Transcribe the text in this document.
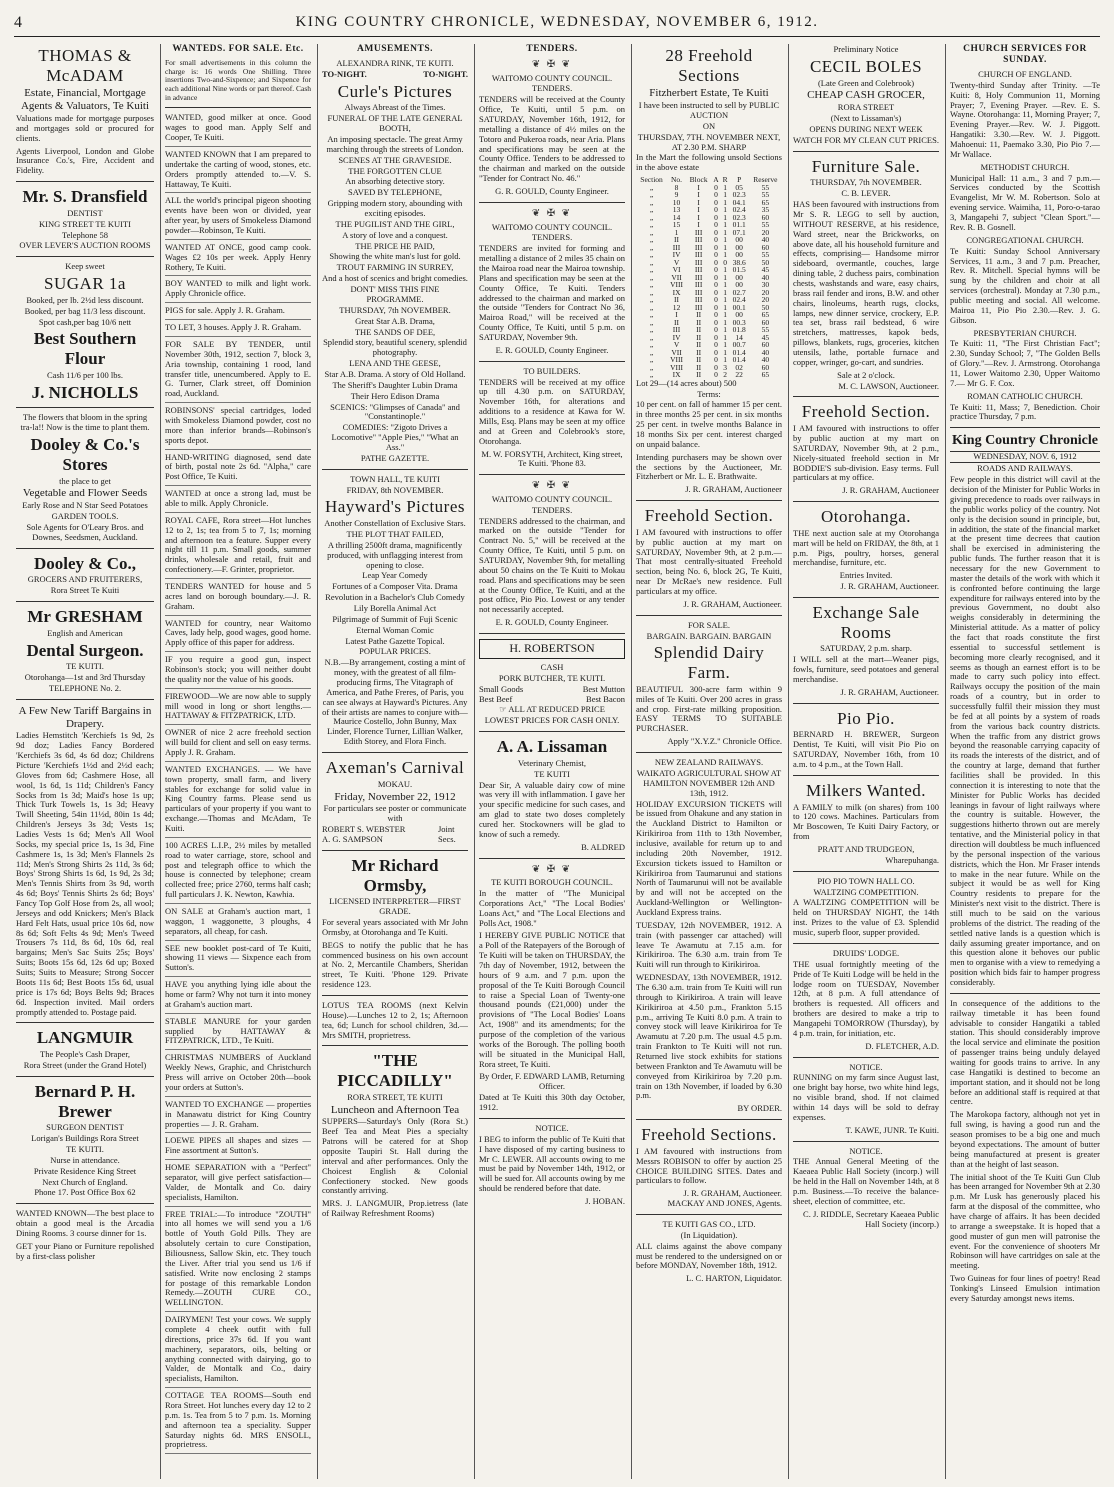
4	KING COUNTRY CHRONICLE, WEDNESDAY, NOVEMBER 6, 1912.
THOMAS & McADAM
Estate, Financial, Mortgage Agents & Valuators, Te Kuiti

Valuations made for mortgage purposes and mortgages sold or procured for clients.

Agents Liverpool, London and Globe Insurance Co.'s, Fire, Accident and Fidelity.

Mr. S. Dransfield
DENTIST
KING STREET TE KUITI
Telephone 58
OVER LEVER'S AUCTION ROOMS
Keep sweet
SUGAR 1a
Booked, per lb. 2½d less discount.
Booked, per bag 11/3 less discount.
Spot cash,per bag 10/6 nett
Best Southern Flour
Cash 11/6 per 100 lbs.
J. NICHOLLS
The flowers that bloom in the spring tra-la!! Now is the time to plant them.
Dooley & Co.'s Stores
the place to get
Vegetable and Flower Seeds
Early Rose and N Star Seed Potatoes
GARDEN TOOLS.
Sole Agents for O'Leary Bros. and Downes, Seedsmen, Auckland.
Dooley & Co.,
GROCERS AND FRUITERERS,
Rora Street Te Kuiti
Mr GRESHAM
English and American
Dental Surgeon.
TE KUITI.
Otorohanga—1st and 3rd Thursday
TELEPHONE No. 2.
A Few New Tariff Bargains in Drapery.

Ladies Hemstitch 'Kerchiefs 1s 9d, 2s 9d doz; Ladies Fancy Bordered 'Kerchiefs 3s 6d, 4s 6d doz; Childrens Picture 'Kerchiefs 1½d and 2½d each; Gloves from 6d; Cashmere Hose, all wool, 1s 6d, 1s 11d; Children's Fancy Socks from 1s 3d; Maid's hose 1s up; Thick Turk Towels 1s, 1s 3d; Heavy Twill Sheeting, 54in 11½d, 80in 1s 4d; Children's Jerseys 3s 3d; Vests 1s; Ladies Vests 1s 6d; Men's All Wool Socks, my special price 1s, 1s 3d, Fine Cashmere 1s, 1s 3d; Men's Flannels 2s 11d; Men's Strong Shirts 2s 11d, 3s 6d; Boys' Strong Shirts 1s 6d, 1s 9d, 2s 3d; Men's Tennis Shirts from 3s 9d, worth 4s 6d; Boys' Tennis Shirts 2s 6d; Boys' Fancy Top Golf Hose from 2s, all wool; Jerseys and odd Knickers; Men's Black Hard Felt Hats, usual price 10s 6d, now 8s 6d; Soft Felts 4s 9d; Men's Tweed Trousers 7s 11d, 8s 6d, 10s 6d, real bargains; Men's Sac Suits 25s; Boys' Suits; Boots 15s 6d, 12s 6d up; Boxed Suits; Suits to Measure; Strong Soccer Boots 11s 6d; Best Boots 15s 6d, usual price is 17s 6d; Boys Belts 9d; Braces 6d. Inspection invited. Mail orders promptly attended to. Postage paid.

LANGMUIR
The People's Cash Draper,
Rora Street (under the Grand Hotel)
Bernard P. H. Brewer
SURGEON DENTIST
Lorigan's Buildings Rora Street
TE KUITI.
Nurse in attendance.
Private Residence King Street
Next Church of England.
Phone 17. Post Office Box 62

WANTED KNOWN—The best place to obtain a good meal is the Arcadia Dining Rooms. 3 course dinner for 1s.

GET your Piano or Furniture repolished by a first-class polisher

WANTEDS. FOR SALE. Etc.

For small advertisements in this column the charge is: 16 words One Shilling. Three insertions Two-and-Sixpence; and Sixpence for each additional Nine words or part thereof. Cash in advance

WANTED, good milker at once. Good wages to good man. Apply Self and Cooper, Te Kuiti.

WANTED KNOWN that I am prepared to undertake the carting of wood, stones, etc. Orders promptly attended to.—V. S. Hattaway, Te Kuiti.

ALL the world's principal pigeon shooting events have been won or divided, year after year, by users of Smokeless Diamond powder—Robinson, Te Kuiti.

WANTED AT ONCE, good camp cook. Wages £2 10s per week. Apply Henry Rothery, Te Kuiti.

BOY WANTED to milk and light work. Apply Chronicle office.

PIGS for sale. Apply J. R. Graham.

TO LET, 3 houses. Apply J. R. Graham.

FOR SALE BY TENDER, until November 30th, 1912, section 7, block 3, Aria township, containing 1 rood, land transfer title, unencumbered. Apply to E. G. Turner, Clark street, off Dominion road, Auckland.

ROBINSONS' special cartridges, loded with Smokeless Diamond powder, cost no more than inferior brands—Robinson's sports depot.

HAND-WRITING diagnosed, send date of birth, postal note 2s 6d. "Alpha," care Post Office, Te Kuiti.

WANTED at once a strong lad, must be able to milk. Apply Chronicle.

ROYAL CAFE, Rora street—Hot lunches 12 to 2, 1s; tea from 5 to 7, 1s; morning and afternoon tea a feature. Supper every night till 11 p.m. Small goods, summer drinks, wholesale and retail, fruit and confectionery.—F. Grinter, proprietor.

TENDERS WANTED for house and 5 acres land on borough boundary.—J. R. Graham.

WANTED for country, near Waitomo Caves, lady help, good wages, good home. Apply office of this paper for address.

IF you require a good gun, inspect Robinson's stock; you will neither doubt the quality nor the value of his goods.

FIREWOOD—We are now able to supply mill wood in long or short lengths.—HATTAWAY & FITZPATRICK, LTD.

OWNER of nice 2 acre freehold section will build for client and sell on easy terms. Apply J. R. Graham.

WANTED EXCHANGES. — We have town property, small farm, and livery stables for exchange for solid value in King Country farms. Please send us particulars of your property if you want to exchange.—Thomas and McAdam, Te Kuiti.

100 ACRES L.I.P., 2½ miles by metalled road to water carriage, store, school and post and telegraph office to which the house is connected by telephone; cream collected free; price 2760, terms half cash; full particulars J. K. Newton, Kawhia.

ON SALE at Graham's auction mart, 1 waggon, 1 waggonette, 3 ploughs, 4 separators, all cheap, for cash.

SEE new booklet post-card of Te Kuiti, showing 11 views — Sixpence each from Sutton's.

HAVE you anything lying idle about the home or farm? Why not turn it into money at Graham's auction mart.

STABLE MANURE for your garden supplied by HATTAWAY & FITZPATRICK, LTD., Te Kuiti.

CHRISTMAS NUMBERS of Auckland Weekly News, Graphic, and Christchurch Press will arrive on October 20th—book your orders at Sutton's.

WANTED TO EXCHANGE — properties in Manawatu district for King Country properties — J. R. Graham.

LOEWE PIPES all shapes and sizes —Fine assortment at Sutton's.

HOME SEPARATION with a "Perfect" separator, will give perfect satisfaction—Valder, de Montalk and Co. dairy specialists, Hamilton.

FREE TRIAL:—To introduce "ZOUTH" into all homes we will send you a 1/6 bottle of Youth Gold Pills. They are absolutely certain to cure Constipation, Biliousness, Sallow Skin, etc. They touch the Liver. After trial you send us 1/6 if satisfied. Write now enclosing 2 stamps for postage of this remarkable London Remedy.—ZOUTH CURE CO., WELLINGTON.

DAIRYMEN! Test your cows. We supply complete 4 cheek outfit with full directions, price 37s 6d. If you want machinery, separators, oils, belting or anything connected with dairying, go to Valder, de Montalk and Co., dairy specialists, Hamilton.

COTTAGE TEA ROOMS—South end Rora Street. Hot lunches every day 12 to 2 p.m. 1s. Tea from 5 to 7 p.m. 1s. Morning and afternoon tea a speciality. Supper Saturday nights 6d. MRS ENSOLL, proprietress.

AMUSEMENTS.
ALEXANDRA RINK, TE KUITI.
TO-NIGHT.	TO-NIGHT.
Curle's Pictures
Always Abreast of the Times.
FUNERAL OF THE LATE GENERAL BOOTH,
An imposing spectacle. The great Army marching through the streets of London.
SCENES AT THE GRAVESIDE.
THE FORGOTTEN CLUE
An absorbing detective story.
SAVED BY TELEPHONE,
Gripping modern story, abounding with exciting episodes.
THE PUGILIST AND THE GIRL,
A story of love and a conquest.
THE PRICE HE PAID,
Showing the white man's lust for gold.
TROUT FARMING IN SURREY,
And a host of scenics and bright comedies.
DONT' MISS THIS FINE PROGRAMME.
THURSDAY, 7th NOVEMBER.
Great Star A.B. Drama,
THE SANDS OF DEE,
Splendid story, beautiful scenery, splendid photography.
LENA AND THE GEESE,
Star A.B. Drama. A story of Old Holland.
The Sheriff's Daughter Lubin Drama
Their Hero Edison Drama
SCENICS: "Glimpses of Canada" and "Constantinople."
COMEDIES: "Zigoto Drives a Locomotive" "Apple Pies," "What an Ass."
PATHE GAZETTE.
TOWN HALL, TE KUITI
FRIDAY, 8th NOVEMBER.
Hayward's Pictures
Another Constellation of Exclusive Stars.
THE PLOT THAT FAILED,
A thrilling 2500ft drama, magnificently produced, with unflagging interest from opening to close.
Leap Year Comedy
Fortunes of a Composer Vita. Drama
Revolution in a Bachelor's Club Comedy
Lily Borella Animal Act
Pilgrimage of Summit of Fuji Scenic
Eternal Woman Comic
Latest Pathe Gazette Topical.
POPULAR PRICES.
N.B.—By arrangement, costing a mint of money, with the greatest of all film-producing firms, The Vitagraph of America, and Pathe Freres, of Paris, you can see always at Hayward's Pictures. Any of their artists are names to conjure with—Maurice Costello, John Bunny, Max Linder, Florence Turner, Lillian Walker, Edith Storey, and Flora Finch.
Axeman's Carnival
MOKAU.
Friday, November 22, 1912
For particulars see poster or communicate with
ROBERT S. WEBSTER
A. G. SAMPSON
Joint Secs.
Mr Richard Ormsby,
LICENSED INTERPRETER—FIRST GRADE.

For several years associated with Mr John Ormsby, at Otorohanga and Te Kuiti.

BEGS to notify the public that he has commenced business on his own account at No. 2, Mercantile Chambers, Sheridan street, Te Kuiti. 'Phone 129. Private residence 123.

LOTUS TEA ROOMS (next Kelvin House).—Lunches 12 to 2, 1s; Afternoon tea, 6d; Lunch for school children, 3d.—Mrs SMITH, proprietress.

"THE PICCADILLY"
RORA STREET, TE KUITI
Luncheon and Afternoon Tea

SUPPERS—Saturday's Only (Rora St.) Beef Tea and Meat Pies a specialty Patrons will be catered for at Shop opposite Taupiri St. Hall during the interval and after performances. Only the Choicest English & Colonial Confectionery stocked. New goods constantly arriving.

MRS. J. LANGMUIR, Prop.ietress (late of Railway Refreshment Rooms)

TENDERS.
❦ ✠ ❦
WAITOMO COUNTY COUNCIL.
TENDERS.

TENDERS will be received at the County Office, Te Kuiti, until 5 p.m. on SATURDAY, November 16th, 1912, for metalling a distance of 4½ miles on the Totoro and Pukeroa roads, near Aria. Plans and specifications may be seen at the County Office. Tenders to be addressed to the chairman and marked on the outside "Tender for Contract No. 46."

G. R. GOULD, County Engineer.
❦ ✠ ❦
WAITOMO COUNTY COUNCIL.
TENDERS.

TENDERS are invited for forming and metalling a distance of 2 miles 35 chain on the Mairoa road near the Mairoa township. Plans and specification may be seen at the County Office, Te Kuiti. Tenders addressed to the chairman and marked on the outside "Tenders for Contract No 36, Mairoa Road," will be received at the County Office, Te Kuiti, until 5 p.m. on SATURDAY, November 9th.

E. R. GOULD, County Engineer.
TO BUILDERS.

TENDERS will be received at my office up till 4.30 p.m. on SATURDAY, November 16th, for alterations and additions to a residence at Kawa for W. Mills, Esq. Plans may be seen at my office and at Green and Colebrook's store, Otorohanga.

M. W. FORSYTH, Architect, King street, Te Kuiti. 'Phone 83.
❦ ✠ ❦
WAITOMO COUNTY COUNCIL.
TENDERS.

TENDERS addressed to the chairman, and marked on the outside "Tender for Contract No. 5," will be received at the County Office, Te Kuiti, until 5 p.m. on SATURDAY, November 9th, for metalling about 50 chains on the Te Kuiti to Mokau road. Plans and specifications may be seen at the County Office, Te Kuiti, and at the post office, Pio Pio. Lowest or any tender not necessarily accepted.

E. R. GOULD, County Engineer.
H. ROBERTSON
CASH
PORK BUTCHER, TE KUITI.
Small Goods	Best Mutton
Best Beef	Best Bacon
☞ ALL AT REDUCED PRICE
LOWEST PRICES FOR CASH ONLY.
A. A. Lissaman
Veterinary Chemist,
TE KUITI

Dear Sir, A valuable dairy cow of mine was very ill with inflammation. I gave her your specific medicine for such cases, and am glad to state two doses completely cured her. Stockowners will be glad to know of such a remedy.

B. ALDRED
❦ ✠ ❦
TE KUITI BOROUGH COUNCIL.

In the matter of "The Municipal Corporations Act," "The Local Bodies' Loans Act," and "The Local Elections and Polls Act, 1908."

I HEREBY GIVE PUBLIC NOTICE that a Poll of the Ratepayers of the Borough of Te Kuiti will be taken on THURSDAY, the 7th day of November, 1912, between the hours of 9 a.m. and 7 p.m. upon the proposal of the Te Kuiti Borough Council to raise a Special Loan of Twenty-one thousand pounds (£21,000) under the provisions of "The Local Bodies' Loans Act, 1908" and its amendments; for the purpose of the completion of the various works of the Borough. The polling booth will be situated in the Municipal Hall, Rora street, Te Kuiti.

By Order, F. EDWARD LAMB, Returning Officer.

Dated at Te Kuiti this 30th day October, 1912.

NOTICE.

I BEG to inform the public of Te Kuiti that I have disposed of my carting business to Mr C. LEWER. All accounts owing to me must be paid by November 14th, 1912, or will be sued for. All accounts owing by me should be rendered before that date.

J. HOBAN.
28 Freehold Sections
Fitzherbert Estate, Te Kuiti
I have been instructed to sell by PUBLIC AUCTION
ON
THURSDAY, 7TH. NOVEMBER NEXT, AT 2.30 P.M. SHARP

In the Mart the following unsold Sections in the above estate

Section	No.	Block	A	R	P	Reserve
„	8	I	0	1	05	55
„	9	I	0	1	02.3	55
„	10	I	0	1	04.1	65
„	13	I	0	1	02.4	35
„	14	I	0	1	02.3	60
„	15	I	0	1	01.1	55
„	1	III	0	1	07.1	20
„	II	III	0	1	00	40
„	III	III	0	1	00	60
„	IV	III	0	1	00	55
„	V	III	0	0	38.6	50
„	VI	III	0	1	01.5	45
„	VII	III	0	1	00	40
„	VIII	III	0	1	00	30
„	IX	III	0	1	02.7	20
„	II	III	0	1	02.4	20
„	12	III	0	1	00.1	50
„	I	II	0	1	00	65
„	II	II	0	1	00.3	60
„	III	II	0	1	01.8	55
„	IV	II	0	1	14	45
„	V	II	0	1	00.7	60
„	VII	II	0	1	01.4	40
„	VIII	II	0	1	01.4	40
„	VIII	II	0	3	02	60
„	IX	II	0	2	22	65
Lot 29—(14 acres about) 500
Terms:

10 per cent. on fall of hammer 15 per cent. in three months 25 per cent. in six months 25 per cent. in twelve months Balance in 18 months Six per cent. interest charged on unpaid balance.

Intending purchasers may be shown over the sections by the Auctioneer, Mr. Fitzherbert or Mr. L. E. Brathwaite.

J. R. GRAHAM, Auctioneer
Freehold Section.

I AM favoured with instructions to offer by public auction at my mart on SATURDAY, November 9th, at 2 p.m.— That most centrally-situated Freehold section, being No. 6, block 2G, Te Kuiti, near Dr McRae's new residence. Full particulars at my office.

J. R. GRAHAM, Auctioneer.
FOR SALE.
BARGAIN. BARGAIN. BARGAIN
Splendid Dairy Farm.

BEAUTIFUL 300-acre farm within 9 miles of Te Kuiti. Over 200 acres in grass and crop. First-rate milking proposition. EASY TERMS TO SUITABLE PURCHASER.

Apply "X.Y.Z." Chronicle Office.
NEW ZEALAND RAILWAYS.
WAIKATO AGRICULTURAL SHOW AT HAMILTON NOVEMBER 12th AND 13th, 1912.

HOLIDAY EXCURSION TICKETS will be issued from Ohakune and any station in the Auckland District to Hamilton or Kirikiriroa from 11th to 13th November, inclusive, available for return up to and including 20th November, 1912. Excursion tickets issued to Hamilton or Kirikiriroa from Taumarunui and stations North of Taumarunui will not be available by and will not be accepted on the Auckland-Wellington or Wellington-Auckland Express trains.

TUESDAY, 12th NOVEMBER, 1912. A train (with passenger car attached) will leave Te Awamutu at 7.15 a.m. for Kirikiriroa. The 6.30 a.m. train from Te Kuiti will run through to Kirikiriroa.

WEDNESDAY, 13th NOVEMBER, 1912. The 6.30 a.m. train from Te Kuiti will run through to Kirikiriroa. A train will leave Kirikiriroa at 4.50 p.m., Frankton 5.15 p.m., arriving Te Kuiti 8.0 p.m. A train to convey stock will leave Kirikiriroa for Te Awamutu at 7.20 p.m. The usual 4.5 p.m. train Frankton to Te Kuiti will not run. Returned live stock exhibits for stations between Frankton and Te Awamutu will be conveyed from Kirikiriroa by 7.20 p.m. train on 13th November, if loaded by 6.30 p.m.

BY ORDER.
Freehold Sections.

I AM favoured with instructions from Messrs ROBISON to offer by auction 25 CHOICE BUILDING SITES. Dates and particulars to follow.

J. R. GRAHAM, Auctioneer.
MACKAY AND JONES, Agents.
TE KUITI GAS CO., LTD.
(In Liquidation).

ALL claims against the above company must be rendered to the undersigned on or before MONDAY, November 18th, 1912.

L. C. HARTON, Liquidator.
Preliminary Notice
CECIL BOLES
(Late Green and Colebrook)
CHEAP CASH GROCER,
RORA STREET
(Next to Lissaman's)
OPENS DURING NEXT WEEK
WATCH FOR MY CLEAN CUT PRICES.
Furniture Sale.
THURSDAY, 7th NOVEMBER.
C. B. LEVER.

HAS been favoured with instructions from Mr S. R. LEGG to sell by auction, WITHOUT RESERVE, at his residence, Ward street, near the Brickworks, on above date, all his household furniture and effects, comprising— Handsome mirror sideboard, overmantle, couches, large dining table, 2 duchess pairs, combination chests, washstands and ware, easy chairs, brass rail fender and irons, B.W. and other chairs, linoleums, hearth rugs, clocks, lamps, new dinner service, crockery, E.P. tea set, brass rail bedstead, 6 wire stretchers, mattresses, kapok beds, pillows, blankets, rugs, groceries, kitchen utensils, lathe, portable furnace and copper, wringer, go-cart, and sundries.

Sale at 2 o'clock.
M. C. LAWSON, Auctioneer.
Freehold Section.

I AM favoured with instructions to offer by public auction at my mart on SATURDAY, November 9th, at 2 p.m., Nicely-situated freehold section in Mr BODDIE'S sub-division. Easy terms. Full particulars at my office.

J. R. GRAHAM, Auctioneer
Otorohanga.

THE next auction sale at my Otorohanga mart will be held on FRIDAY, the 8th, at 1 p.m. Pigs, poultry, horses, general merchandise, furniture, etc.

Entries Invited.
J. R. GRAHAM, Auctioneer.
Exchange Sale Rooms
SATURDAY, 2 p.m. sharp.

I WILL sell at the mart—Weaner pigs, fowls, furniture, seed potatoes and general merchandise.

J. R. GRAHAM, Auctioneer.
Pio Pio.

BERNARD H. BREWER, Surgeon Dentist, Te Kuiti, will visit Pio Pio on SATURDAY, November 16th, from 10 a.m. to 4 p.m., at the Town Hall.

Milkers Wanted.

A FAMILY to milk (on shares) from 100 to 120 cows. Machines. Particulars from Mr Boscowen, Te Kuiti Dairy Factory, or from

PRATT AND TRUDGEON,
Wharepuhanga.
PIO PIO TOWN HALL CO.
WALTZING COMPETITION.

A WALTZING COMPETITION will be held on THURSDAY NIGHT, the 14th inst. Prizes to the value of £3. Splendid music, superb floor, supper provided.

DRUIDS' LODGE.

THE usual fortnightly meeting of the Pride of Te Kuiti Lodge will be held in the lodge room on TUESDAY, November 12th, at 8 p.m. A full attendance of brothers is requested. All officers and brothers are desired to make a trip to Mangapehi TOMORROW (Thursday), by 4 p.m. train, for initiation, etc.

D. FLETCHER, A.D.
NOTICE.

RUNNING on my farm since August last, one bright bay horse, two white hind legs, no visible brand, shod. If not claimed within 14 days will be sold to defray expenses.

T. KAWE, JUNR. Te Kuiti.
NOTICE.

THE Annual General Meeting of the Kaeaea Public Hall Society (incorp.) will be held in the Hall on November 14th, at 8 p.m. Business.—To receive the balance-sheet, election of committee, etc.

C. J. RIDDLE, Secretary Kaeaea Public Hall Society (incorp.)
CHURCH SERVICES FOR SUNDAY.
CHURCH OF ENGLAND.

Twenty-third Sunday after Trinity. —Te Kuiti: 8, Holy Communion 11, Morning Prayer; 7, Evening Prayer. —Rev. E. S. Wayne. Otorohanga: 11, Morning Prayer; 7, Evening Prayer.—Rev. W. J. Piggott. Hangatiki: 3.30.—Rev. W. J. Piggott. Mahoenui: 11, Paemako 3.30, Pio Pio 7.—Mr Wallace.

METHODIST CHURCH.

Municipal Hall: 11 a.m., 3 and 7 p.m.—Services conducted by the Scottish Evangelist, Mr W. M. Robertson. Solo at evening service. Waimiha, 11, Poro-o-tarao 3, Mangapehi 7, subject "Clean Sport."—Rev. R. B. Gosnell.

CONGREGATIONAL CHURCH.

Te Kuiti: Sunday School Anniversary Services, 11 a.m., 3 and 7 p.m. Preacher, Rev. R. Mitchell. Special hymns will be sung by the children and choir at all services (orchestral). Monday at 7.30 p.m., public meeting and social. All welcome. Mairoa 11, Pio Pio 2.30.—Rev. J. G. Gibson.

PRESBYTERIAN CHURCH.

Te Kuiti: 11, "The First Christian Fact"; 2.30, Sunday School; 7, "The Golden Bells of Glory."—Rev. J. Armstrong. Otorohanga 11, Lower Waitomo 2.30, Upper Waitomo 7.— Mr G. F. Cox.

ROMAN CATHOLIC CHURCH.

Te Kuiti: 11, Mass; 7, Benediction. Choir practice Thursday, 7 p.m.

King Country Chronicle
WEDNESDAY, NOV. 6, 1912
ROADS AND RAILWAYS.

Few people in this district will cavil at the decision of the Minister for Public Works in giving precedence to roads over railways in the public works policy of the country. Not only is the decision sound in principle, but, in addition, the state of the financial market at the present time decrees that caution shall be exercised in administering the public funds. The further reason that it is necessary for the new Government to master the details of the work with which it is confronted before continuing the large expenditure for railways entered into by the previous Government, no doubt also weighs considerably in determining the Ministerial attitude. As a matter of policy the fact that roads constitute the first essential to successful settlement is becoming more clearly recognised, and it seems as though an earnest effort is to be made to carry such policy into effect. Railways occupy the position of the main roads of a country, but in order to successfully fulfil their mission they must be fed at all points by a system of roads from the various back country districts. When the traffic from any district grows beyond the reasonable carrying capacity of its roads the interests of the district, and of the country at large, demand that further facilities shall be provided. In this connection it is interesting to note that the Minister for Public Works has decided leanings in favour of light railways where the country is suitable. However, the suggestions hitherto thrown out are merely tentative, and the Ministerial policy in that direction will doubtless be much influenced by the personal inspection of the various districts, which the Hon. Mr Fraser intends to make in the near future. While on the subject it would be as well for King Country residents to prepare for the Minister's next visit to the district. There is still much to be said on the various problems of the district. The reading of the settled native lands is a question which is daily assuming greater importance, and on this question alone it behoves our public men to organise with a view to remedying a position which bids fair to hamper progress considerably.

In consequence of the additions to the railway timetable it has been found advisable to consider Hangatiki a tabled station. This should considerably improve the local service and eliminate the position of passenger trains being unduly delayed waiting for goods trains to arrive. In any case Hangatiki is destined to become an important station, and it should not be long before an additional staff is required at that centre.

The Marokopa factory, although not yet in full swing, is having a good run and the season promises to be a big one and much beyond expectations. The amount of butter being manufactured at present is greater than at the height of last season.

The initial shoot of the Te Kuiti Gun Club has been arranged for November 9th at 2.30 p.m. Mr Lusk has generously placed his farm at the disposal of the committee, who have charge of affairs. It has been decided to arrange a sweepstake. It is hoped that a good muster of gun men will patronise the event. For the convenience of shooters Mr Robinson will have cartridges on sale at the meeting.

Two Guineas for four lines of poetry! Read Tonking's Linseed Emulsion intimation every Saturday amongst news items.
